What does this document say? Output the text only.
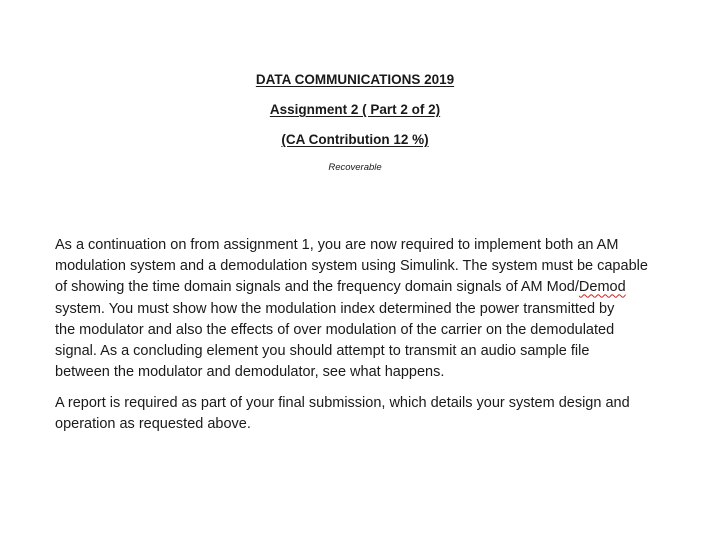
DATA COMMUNICATIONS 2019
Assignment 2 ( Part 2 of 2)
(CA Contribution 12 %)
Recoverable
As a continuation on from assignment 1, you are now required to implement both an AM
modulation system and a demodulation system using Simulink. The system must be capable
of showing the time domain signals and the frequency domain signals of AM Mod/Demod
system. You must show how the modulation index determined the power transmitted by
the modulator and also the effects of over modulation of the carrier on the demodulated
signal. As a concluding element you should attempt to transmit an audio sample file
between the modulator and demodulator, see what happens.
A report is required as part of your final submission, which details your system design and
operation as requested above.
